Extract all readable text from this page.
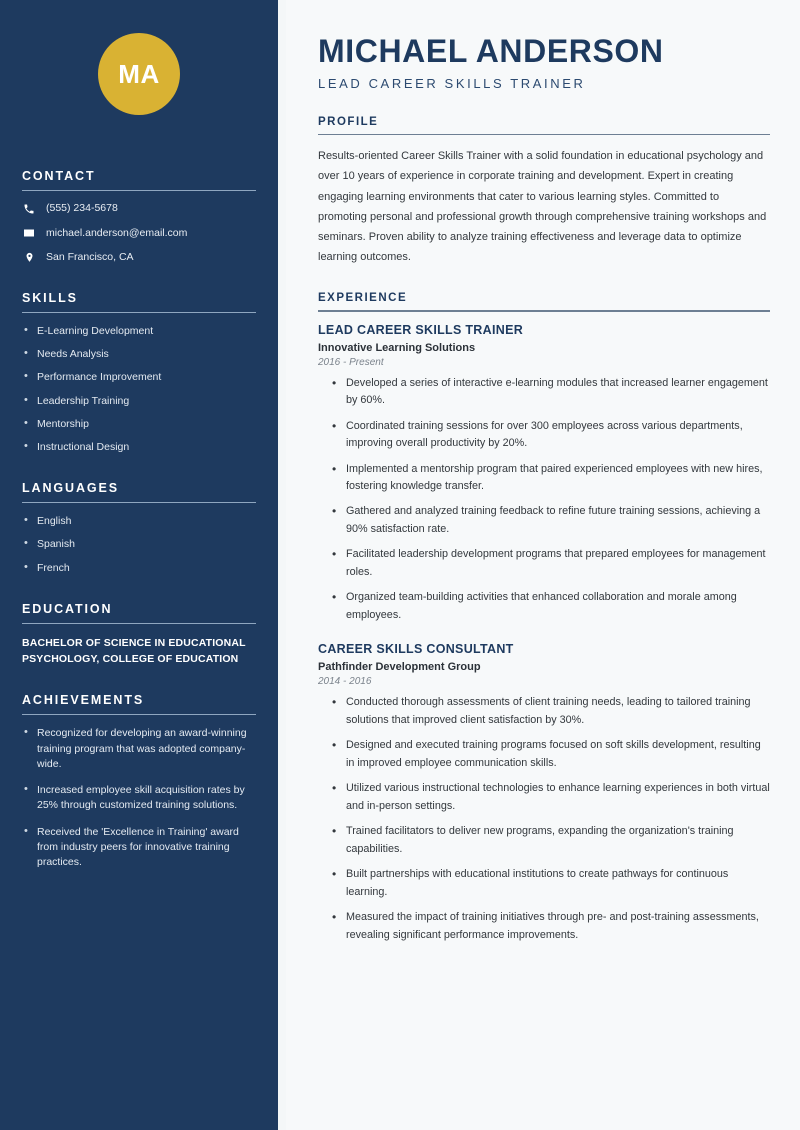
MA
CONTACT
(555) 234-5678
michael.anderson@email.com
San Francisco, CA
SKILLS
• E-Learning Development
• Needs Analysis
• Performance Improvement
• Leadership Training
• Mentorship
• Instructional Design
LANGUAGES
• English
• Spanish
• French
EDUCATION
BACHELOR OF SCIENCE IN EDUCATIONAL PSYCHOLOGY, COLLEGE OF EDUCATION
ACHIEVEMENTS
• Recognized for developing an award-winning training program that was adopted company-wide.
• Increased employee skill acquisition rates by 25% through customized training solutions.
• Received the 'Excellence in Training' award from industry peers for innovative training practices.
MICHAEL ANDERSON
LEAD CAREER SKILLS TRAINER
PROFILE

Results-oriented Career Skills Trainer with a solid foundation in educational psychology and over 10 years of experience in corporate training and development. Expert in creating engaging learning environments that cater to various learning styles. Committed to promoting personal and professional growth through comprehensive training workshops and seminars. Proven ability to analyze training effectiveness and leverage data to optimize learning outcomes.

EXPERIENCE
LEAD CAREER SKILLS TRAINER
Innovative Learning Solutions
2016 - Present
• Developed a series of interactive e-learning modules that increased learner engagement by 60%.
• Coordinated training sessions for over 300 employees across various departments, improving overall productivity by 20%.
• Implemented a mentorship program that paired experienced employees with new hires, fostering knowledge transfer.
• Gathered and analyzed training feedback to refine future training sessions, achieving a 90% satisfaction rate.
• Facilitated leadership development programs that prepared employees for management roles.
• Organized team-building activities that enhanced collaboration and morale among employees.
CAREER SKILLS CONSULTANT
Pathfinder Development Group
2014 - 2016
• Conducted thorough assessments of client training needs, leading to tailored training solutions that improved client satisfaction by 30%.
• Designed and executed training programs focused on soft skills development, resulting in improved employee communication skills.
• Utilized various instructional technologies to enhance learning experiences in both virtual and in-person settings.
• Trained facilitators to deliver new programs, expanding the organization's training capabilities.
• Built partnerships with educational institutions to create pathways for continuous learning.
• Measured the impact of training initiatives through pre- and post-training assessments, revealing significant performance improvements.
